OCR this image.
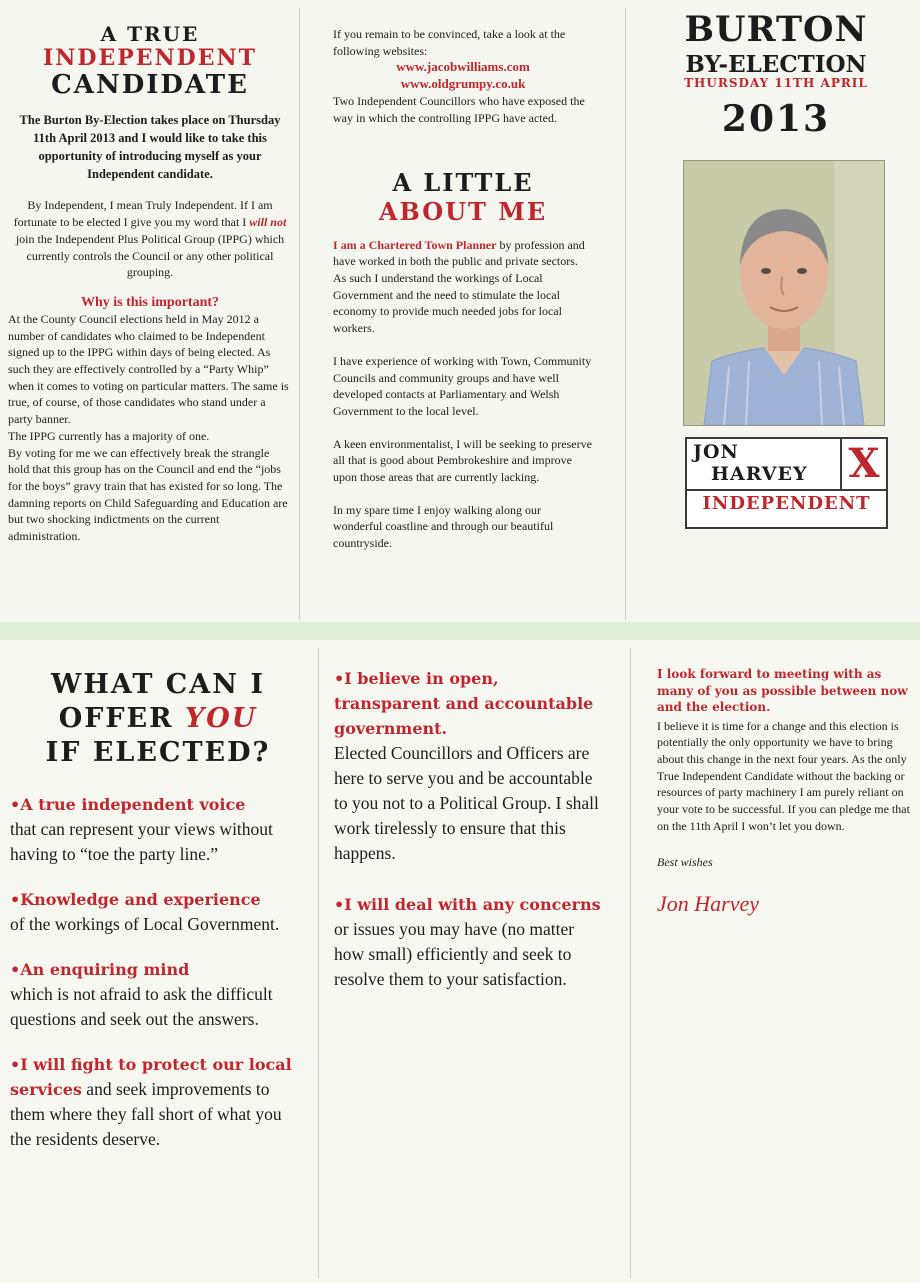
A TRUE
INDEPENDENT
CANDIDATE

The Burton By-Election takes place on Thursday 11th April 2013 and I would like to take this opportunity of introducing myself as your Independent candidate.

By Independent, I mean Truly Independent. If I am fortunate to be elected I give you my word that I will not join the Independent Plus Political Group (IPPG) which currently controls the Council or any other political grouping.

Why is this important?

At the County Council elections held in May 2012 a number of candidates who claimed to be Independent signed up to the IPPG within days of being elected. As such they are effectively controlled by a “Party Whip” when it comes to voting on particular matters. The same is true, of course, of those candidates who stand under a party banner.

The IPPG currently has a majority of one.

By voting for me we can effectively break the strangle hold that this group has on the Council and end the “jobs for the boys” gravy train that has existed for so long. The damning reports on Child Safeguarding and Education are but two shocking indictments on the current administration.

If you remain to be convinced, take a look at the following websites:

www.jacobwilliams.com

www.oldgrumpy.co.uk

Two Independent Councillors who have exposed the way in which the controlling IPPG have acted.

A LITTLE
ABOUT ME

I am a Chartered Town Planner by profession and have worked in both the public and private sectors. As such I understand the workings of Local Government and the need to stimulate the local economy to provide much needed jobs for local workers.

I have experience of working with Town, Community Councils and community groups and have well developed contacts at Parliamentary and Welsh Government to the local level.

A keen environmentalist, I will be seeking to preserve all that is good about Pembrokeshire and improve upon those areas that are currently lacking.

In my spare time I enjoy walking along our wonderful coastline and through our beautiful countryside.

BURTON
BY-ELECTION
THURSDAY 11TH APRIL
2013
JON
HARVEY X
INDEPENDENT
WHAT CAN I
OFFER YOU
IF ELECTED?

•A true independent voice
that can represent your views without having to “toe the party line.”

•Knowledge and experience
of the workings of Local Government.

•An enquiring mind
which is not afraid to ask the difficult questions and seek out the answers.

•I will fight to protect our local services and seek improvements to them where they fall short of what you the residents deserve.

•I believe in open, transparent and accountable government.
Elected Councillors and Officers are here to serve you and be accountable to you not to a Political Group. I shall work tirelessly to ensure that this happens.

•I will deal with any concerns or issues you may have (no matter how small) efficiently and seek to resolve them to your satisfaction.

I look forward to meeting with as many of you as possible between now and the election.

I believe it is time for a change and this election is potentially the only opportunity we have to bring about this change in the next four years. As the only True Independent Candidate without the backing or resources of party machinery I am purely reliant on your vote to be successful. If you can pledge me that on the 11th April I won’t let you down.

Best wishes

Jon Harvey
